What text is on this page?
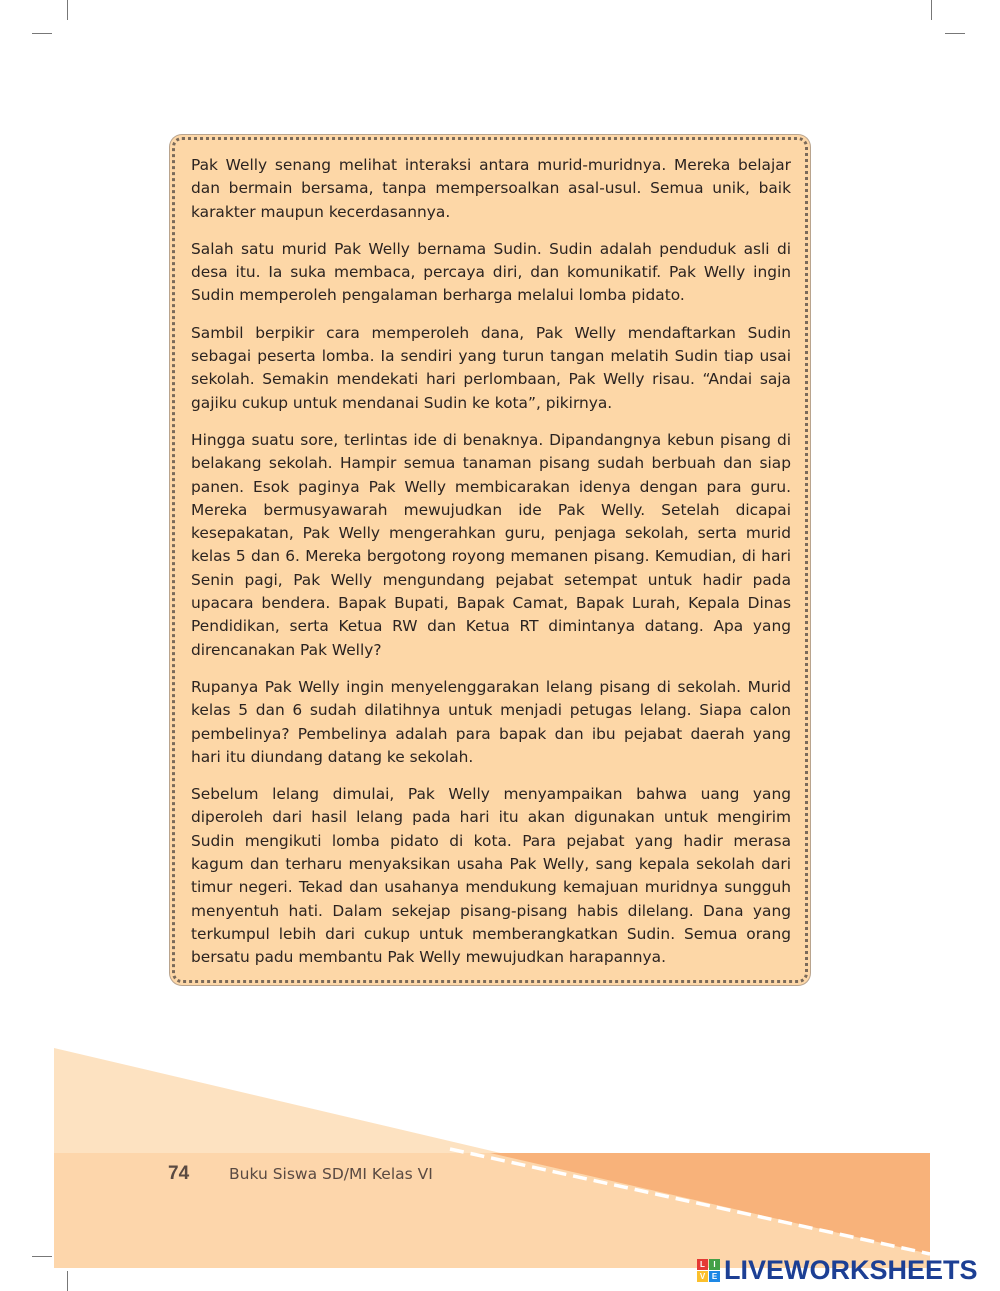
Pak Welly senang melihat interaksi antara murid-muridnya. Mereka belajar dan bermain bersama, tanpa mempersoalkan asal-usul. Semua unik, baik karakter maupun kecerdasannya.

Salah satu murid Pak Welly bernama Sudin. Sudin adalah penduduk asli di desa itu. Ia suka membaca, percaya diri, dan komunikatif. Pak Welly ingin Sudin memperoleh pengalaman berharga melalui lomba pidato.

Sambil berpikir cara memperoleh dana, Pak Welly mendaftarkan Sudin sebagai peserta lomba. Ia sendiri yang turun tangan melatih Sudin tiap usai sekolah. Semakin mendekati hari perlombaan, Pak Welly risau. “Andai saja gajiku cukup untuk mendanai Sudin ke kota”, pikirnya.

Hingga suatu sore, terlintas ide di benaknya. Dipandangnya kebun pisang di belakang sekolah. Hampir semua tanaman pisang sudah berbuah dan siap panen. Esok paginya Pak Welly membicarakan idenya dengan para guru. Mereka bermusyawarah mewujudkan ide Pak Welly. Setelah dicapai kesepakatan, Pak Welly mengerahkan guru, penjaga sekolah, serta murid kelas 5 dan 6. Mereka bergotong royong memanen pisang. Kemudian, di hari Senin pagi, Pak Welly mengundang pejabat setempat untuk hadir pada upacara bendera. Bapak Bupati, Bapak Camat, Bapak Lurah, Kepala Dinas Pendidikan, serta Ketua RW dan Ketua RT dimintanya datang. Apa yang direncanakan Pak Welly?

Rupanya Pak Welly ingin menyelenggarakan lelang pisang di sekolah. Murid kelas 5 dan 6 sudah dilatihnya untuk menjadi petugas lelang. Siapa calon pembelinya? Pembelinya adalah para bapak dan ibu pejabat daerah yang hari itu diundang datang ke sekolah.

Sebelum lelang dimulai, Pak Welly menyampaikan bahwa uang yang diperoleh dari hasil lelang pada hari itu akan digunakan untuk mengirim Sudin mengikuti lomba pidato di kota. Para pejabat yang hadir merasa kagum dan terharu menyaksikan usaha Pak Welly, sang kepala sekolah dari timur negeri. Tekad dan usahanya mendukung kemajuan muridnya sungguh menyentuh hati. Dalam sekejap pisang-pisang habis dilelang. Dana yang terkumpul lebih dari cukup untuk memberangkatkan Sudin. Semua orang bersatu padu membantu Pak Welly mewujudkan harapannya.

74	Buku Siswa SD/MI Kelas VI
L	I
V E LIVEWORKSHEETS
